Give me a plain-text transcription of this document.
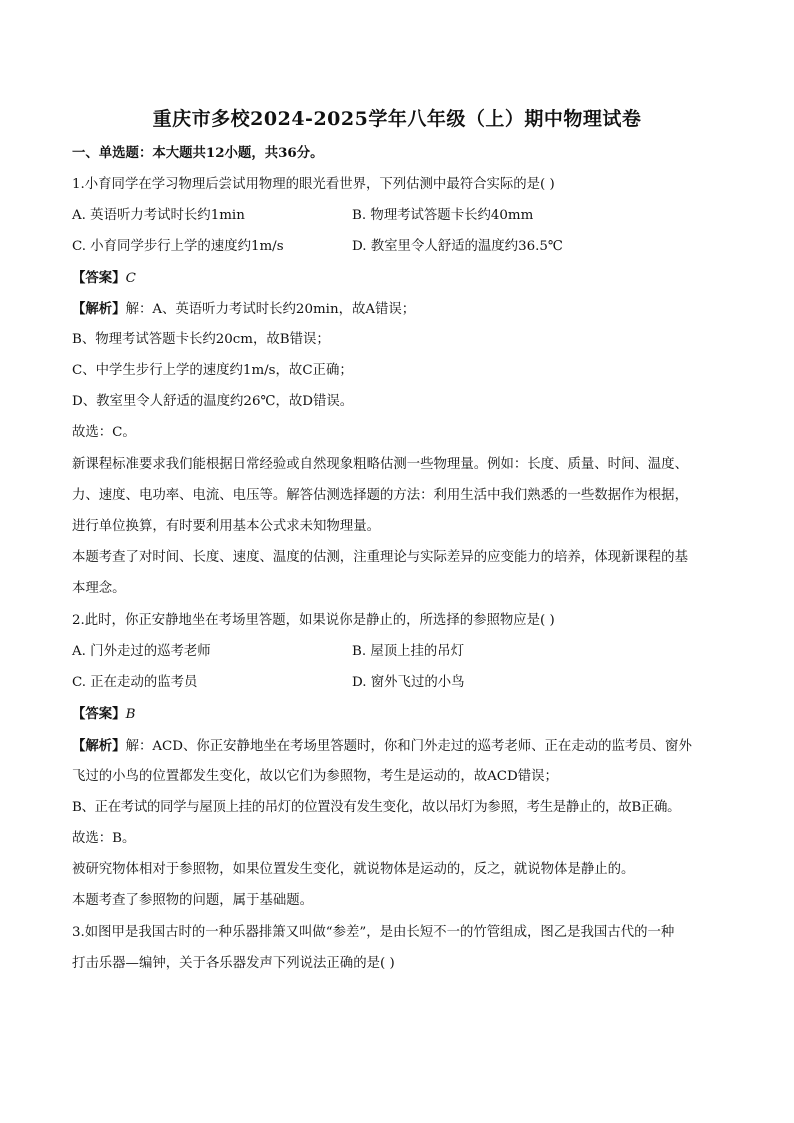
重庆市多校2024-2025学年八年级（上）期中物理试卷
一、单选题：本大题共12小题，共36分。
1.小育同学在学习物理后尝试用物理的眼光看世界，下列估测中最符合实际的是( )
A. 英语听力考试时长约1min	B. 物理考试答题卡长约40mm
C. 小育同学步行上学的速度约1m/s	D. 教室里令人舒适的温度约36.5℃
【答案】C
【解析】解：A、英语听力考试时长约20min，故A错误；
B、物理考试答题卡长约20cm，故B错误；
C、中学生步行上学的速度约1m/s，故C正确；
D、教室里令人舒适的温度约26℃，故D错误。
故选：C。
新课程标准要求我们能根据日常经验或自然现象粗略估测一些物理量。例如：长度、质量、时间、温度、
力、速度、电功率、电流、电压等。解答估测选择题的方法：利用生活中我们熟悉的一些数据作为根据，
进行单位换算，有时要利用基本公式求未知物理量。
本题考查了对时间、长度、速度、温度的估测，注重理论与实际差异的应变能力的培养，体现新课程的基
本理念。
2.此时，你正安静地坐在考场里答题，如果说你是静止的，所选择的参照物应是( )
A. 门外走过的巡考老师	B. 屋顶上挂的吊灯
C. 正在走动的监考员	D. 窗外飞过的小鸟
【答案】B
【解析】解：ACD、你正安静地坐在考场里答题时，你和门外走过的巡考老师、正在走动的监考员、窗外
飞过的小鸟的位置都发生变化，故以它们为参照物，考生是运动的，故ACD错误；
B、正在考试的同学与屋顶上挂的吊灯的位置没有发生变化，故以吊灯为参照，考生是静止的，故B正确。
故选：B。
被研究物体相对于参照物，如果位置发生变化，就说物体是运动的，反之，就说物体是静止的。
本题考查了参照物的问题，属于基础题。
3.如图甲是我国古时的一种乐器排箫又叫做“参差”，是由长短不一的竹管组成，图乙是我国古代的一种
打击乐器—编钟，关于各乐器发声下列说法正确的是( )
